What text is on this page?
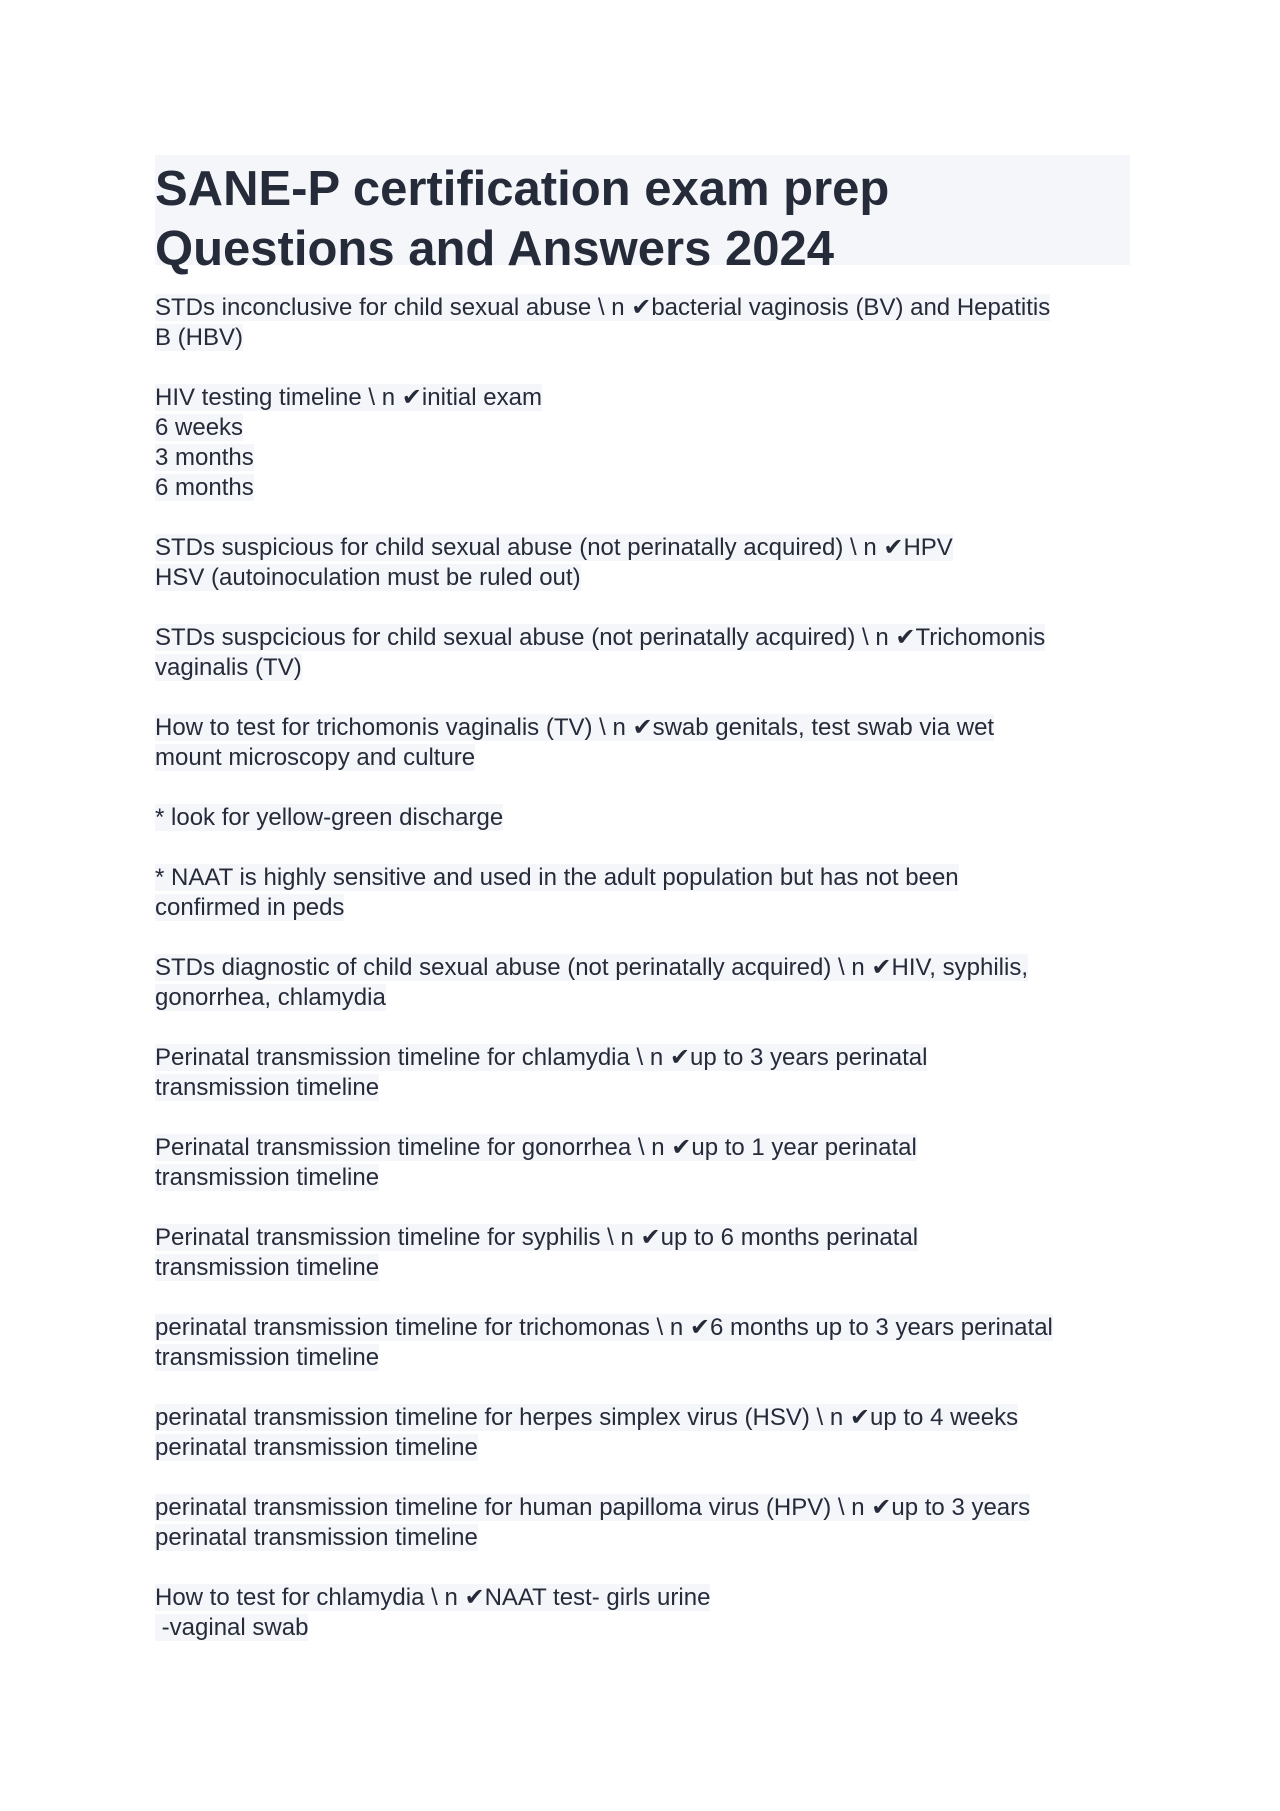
SANE-P certification exam prep
Questions and Answers 2024
STDs inconclusive for child sexual abuse \ n ✔bacterial vaginosis (BV) and Hepatitis
B (HBV)
HIV testing timeline \ n ✔initial exam
6 weeks
3 months
6 months
STDs suspicious for child sexual abuse (not perinatally acquired) \ n ✔HPV
HSV (autoinoculation must be ruled out)
STDs suspcicious for child sexual abuse (not perinatally acquired) \ n ✔Trichomonis
vaginalis (TV)
How to test for trichomonis vaginalis (TV) \ n ✔swab genitals, test swab via wet
mount microscopy and culture
* look for yellow-green discharge
* NAAT is highly sensitive and used in the adult population but has not been
confirmed in peds
STDs diagnostic of child sexual abuse (not perinatally acquired) \ n ✔HIV, syphilis,
gonorrhea, chlamydia
Perinatal transmission timeline for chlamydia \ n ✔up to 3 years perinatal
transmission timeline
Perinatal transmission timeline for gonorrhea \ n ✔up to 1 year perinatal
transmission timeline
Perinatal transmission timeline for syphilis \ n ✔up to 6 months perinatal
transmission timeline
perinatal transmission timeline for trichomonas \ n ✔6 months up to 3 years perinatal
transmission timeline
perinatal transmission timeline for herpes simplex virus (HSV) \ n ✔up to 4 weeks
perinatal transmission timeline
perinatal transmission timeline for human papilloma virus (HPV) \ n ✔up to 3 years
perinatal transmission timeline
How to test for chlamydia \ n ✔NAAT test- girls urine
-vaginal swab
